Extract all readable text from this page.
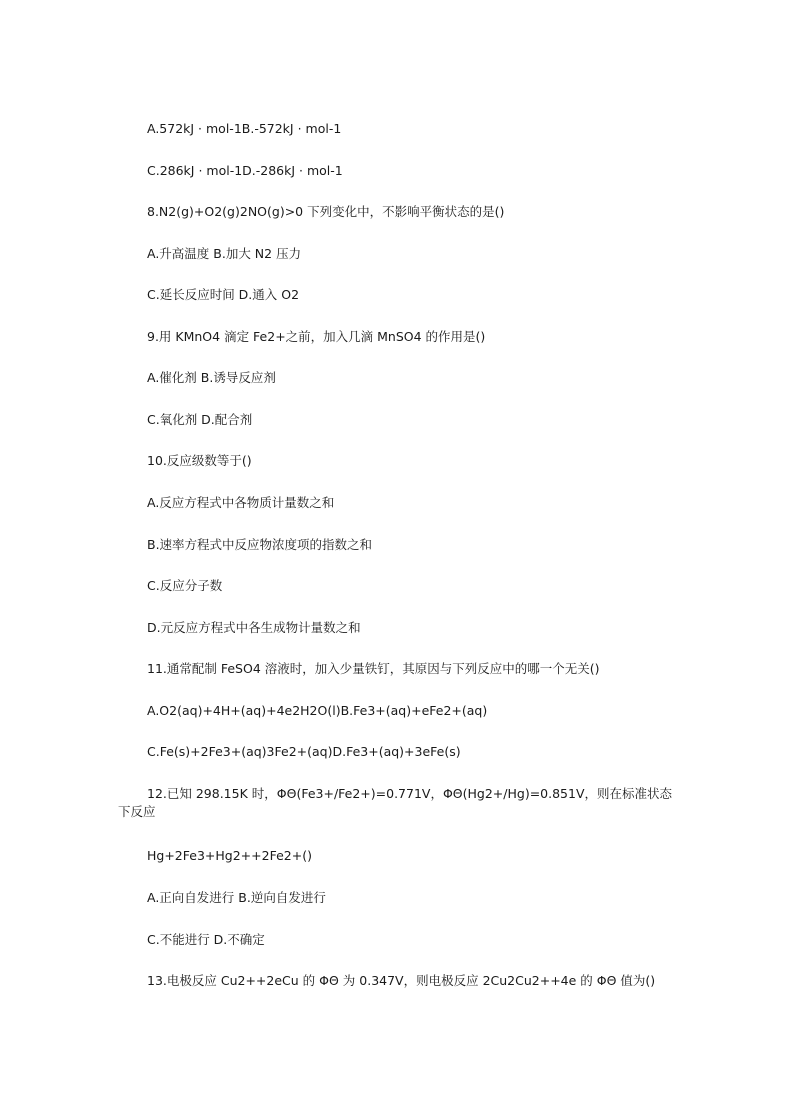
A.572kJ · mol-1B.-572kJ · mol-1
C.286kJ · mol-1D.-286kJ · mol-1
8.N2(g)+O2(g)2NO(g)>0 下列变化中，不影响平衡状态的是()
A.升高温度 B.加大 N2 压力
C.延长反应时间 D.通入 O2
9.用 KMnO4 滴定 Fe2+之前，加入几滴 MnSO4 的作用是()
A.催化剂 B.诱导反应剂
C.氧化剂 D.配合剂
10.反应级数等于()
A.反应方程式中各物质计量数之和
B.速率方程式中反应物浓度项的指数之和
C.反应分子数
D.元反应方程式中各生成物计量数之和
11.通常配制 FeSO4 溶液时，加入少量铁钉，其原因与下列反应中的哪一个无关()
A.O2(aq)+4H+(aq)+4e2H2O(l)B.Fe3+(aq)+eFe2+(aq)
C.Fe(s)+2Fe3+(aq)3Fe2+(aq)D.Fe3+(aq)+3eFe(s)
12.已知 298.15K 时，ΦΘ(Fe3+/Fe2+)=0.771V，ΦΘ(Hg2+/Hg)=0.851V，则在标准状态下反应
Hg+2Fe3+Hg2++2Fe2+()
A.正向自发进行 B.逆向自发进行
C.不能进行 D.不确定
13.电极反应 Cu2++2eCu 的 ΦΘ 为 0.347V，则电极反应 2Cu2Cu2++4e 的 ΦΘ 值为()
